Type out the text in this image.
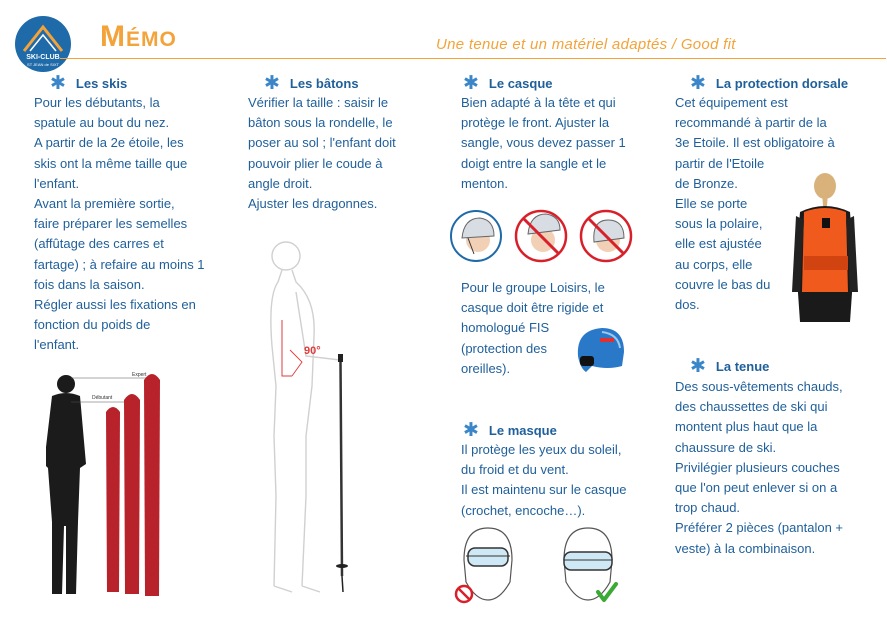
SKI-CLUB
ST JEAN de SIXT
Mémo	Une tenue et un matériel adaptés / Good fit
✱ Les skis
Pour les débutants, la
spatule au bout du nez.
A partir de la 2e étoile, les
skis ont la même taille que
l'enfant.
Avant la première sortie,
faire préparer les semelles
(affûtage des carres et
fartage) ; à refaire au moins 1
fois dans la saison.
Régler aussi les fixations en
fonction du poids de
l'enfant.
Débutant
Expert
✱ Les bâtons
Vérifier la taille : saisir le
bâton sous la rondelle, le
poser au sol ; l'enfant doit
pouvoir plier le coude à
angle droit.
Ajuster les dragonnes.
90°
✱ Le casque
Bien adapté à la tête et qui
protège le front. Ajuster la
sangle, vous devez passer 1
doigt entre la sangle et le
menton.
Pour le groupe Loisirs, le
casque doit être rigide et
homologué FIS
(protection des
oreilles).
✱ Le masque
Il protège les yeux du soleil,
du froid et du vent.
Il est maintenu sur le casque
(crochet, encoche…).
✱ La protection dorsale
Cet équipement est
recommandé à partir de la
3e Etoile. Il est obligatoire à
partir de l'Etoile
de Bronze.
Elle se porte
sous la polaire,
elle est ajustée
au corps, elle
couvre le bas du
dos.
✱ La tenue
Des sous-vêtements chauds,
des chaussettes de ski qui
montent plus haut que la
chaussure de ski.
Privilégier plusieurs couches
que l'on peut enlever si on a
trop chaud.
Préférer 2 pièces (pantalon +
veste) à la combinaison.
